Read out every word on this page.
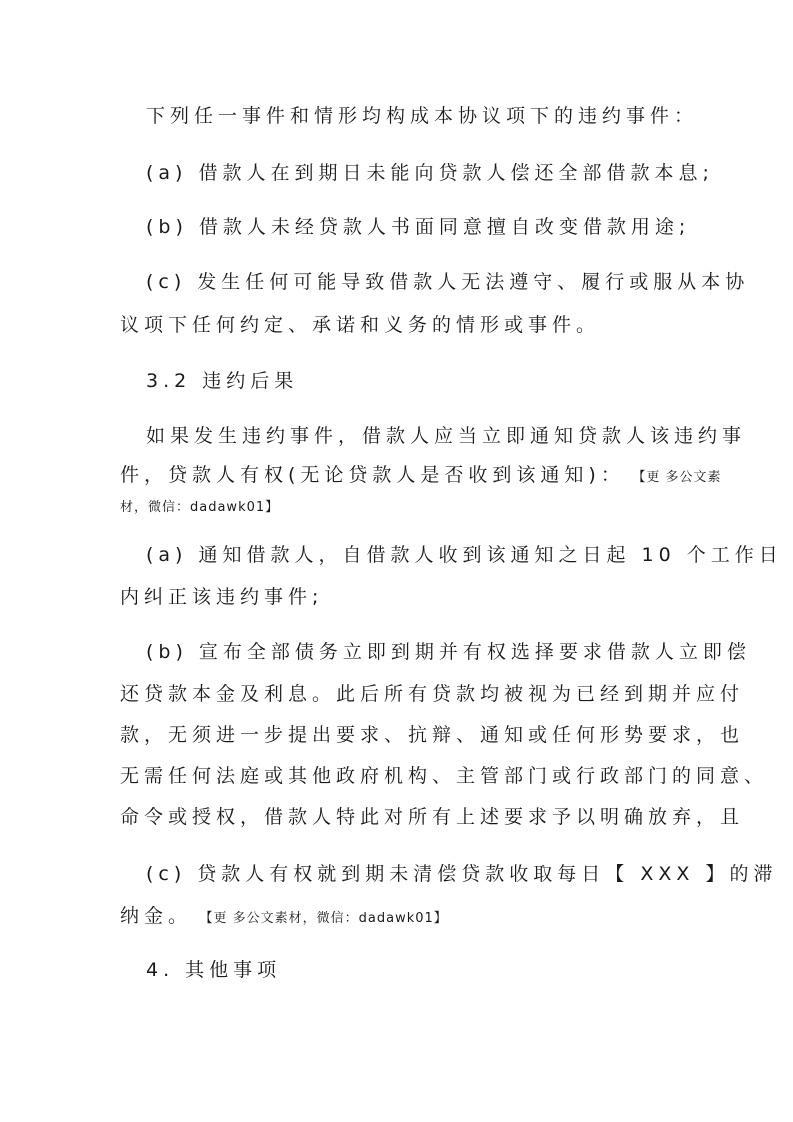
下列任一事件和情形均构成本协议项下的违约事件：
(a) 借款人在到期日未能向贷款人偿还全部借款本息;
(b) 借款人未经贷款人书面同意擅自改变借款用途;
(c) 发生任何可能导致借款人无法遵守、履行或服从本协
议项下任何约定、承诺和义务的情形或事件。
3.2 违约后果
如果发生违约事件，借款人应当立即通知贷款人该违约事
件，贷款人有权(无论贷款人是否收到该通知)： 【更 多公文素
材，微信：dadawk01】
(a) 通知借款人，自借款人收到该通知之日起 10 个工作日
内纠正该违约事件;
(b) 宣布全部债务立即到期并有权选择要求借款人立即偿
还贷款本金及利息。此后所有贷款均被视为已经到期并应付
款，无须进一步提出要求、抗辩、通知或任何形势要求，也
无需任何法庭或其他政府机构、主管部门或行政部门的同意、
命令或授权，借款人特此对所有上述要求予以明确放弃，且
(c) 贷款人有权就到期未清偿贷款收取每日【 XXX 】的滞
纳金。 【更 多公文素材，微信：dadawk01】
4. 其他事项
